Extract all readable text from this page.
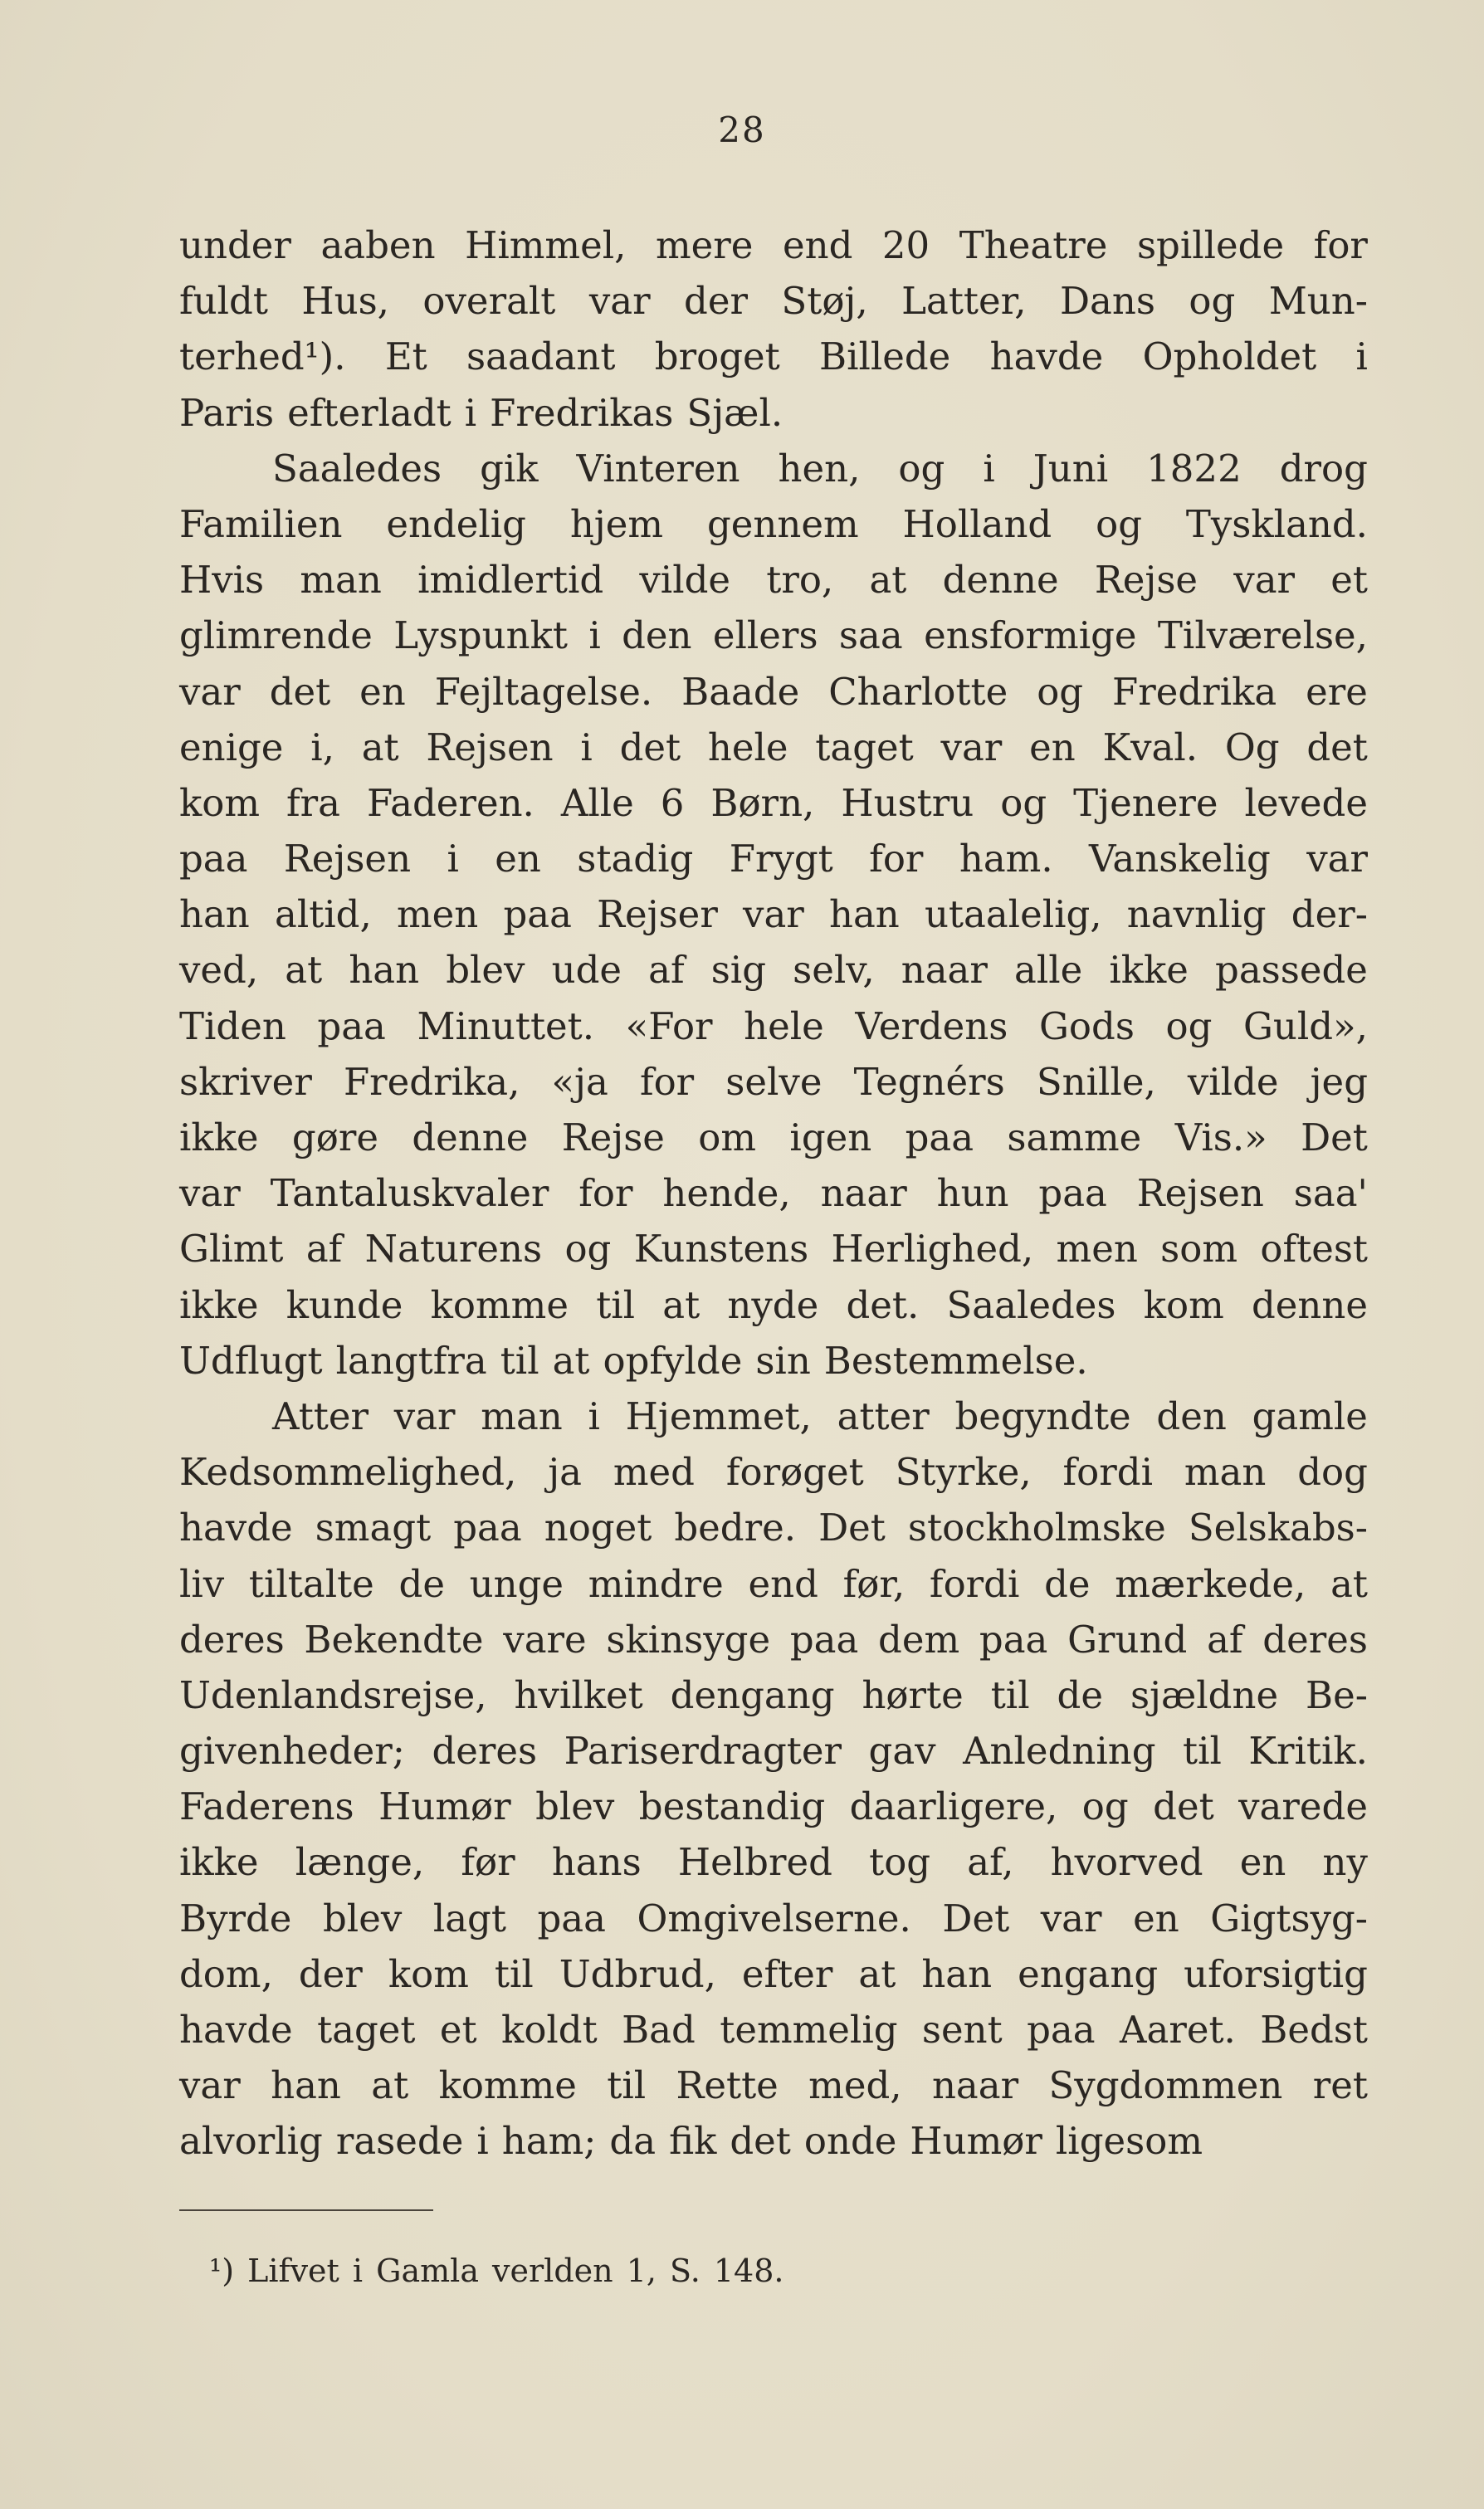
28
under aaben Himmel, mere end 20 Theatre spillede for
fuldt Hus, overalt var der Støj, Latter, Dans og Mun-
terhed¹). Et saadant broget Billede havde Opholdet i
Paris efterladt i Fredrikas Sjæl.
Saaledes gik Vinteren hen, og i Juni 1822 drog
Familien endelig hjem gennem Holland og Tyskland.
Hvis man imidlertid vilde tro, at denne Rejse var et
glimrende Lyspunkt i den ellers saa ensformige Tilværelse,
var det en Fejltagelse. Baade Charlotte og Fredrika ere
enige i, at Rejsen i det hele taget var en Kval. Og det
kom fra Faderen. Alle 6 Børn, Hustru og Tjenere levede
paa Rejsen i en stadig Frygt for ham. Vanskelig var
han altid, men paa Rejser var han utaalelig, navnlig der-
ved, at han blev ude af sig selv, naar alle ikke passede
Tiden paa Minuttet. «For hele Verdens Gods og Guld»,
skriver Fredrika, «ja for selve Tegnérs Snille, vilde jeg
ikke gøre denne Rejse om igen paa samme Vis.» Det
var Tantaluskvaler for hende, naar hun paa Rejsen saa'
Glimt af Naturens og Kunstens Herlighed, men som oftest
ikke kunde komme til at nyde det. Saaledes kom denne
Udflugt langtfra til at opfylde sin Bestemmelse.
Atter var man i Hjemmet, atter begyndte den gamle
Kedsommelighed, ja med forøget Styrke, fordi man dog
havde smagt paa noget bedre. Det stockholmske Selskabs-
liv tiltalte de unge mindre end før, fordi de mærkede, at
deres Bekendte vare skinsyge paa dem paa Grund af deres
Udenlandsrejse, hvilket dengang hørte til de sjældne Be-
givenheder; deres Pariserdragter gav Anledning til Kritik.
Faderens Humør blev bestandig daarligere, og det varede
ikke længe, før hans Helbred tog af, hvorved en ny
Byrde blev lagt paa Omgivelserne. Det var en Gigtsyg-
dom, der kom til Udbrud, efter at han engang uforsigtig
havde taget et koldt Bad temmelig sent paa Aaret. Bedst
var han at komme til Rette med, naar Sygdommen ret
alvorlig rasede i ham; da fik det onde Humør ligesom
¹) Lifvet i Gamla verlden 1, S. 148.
